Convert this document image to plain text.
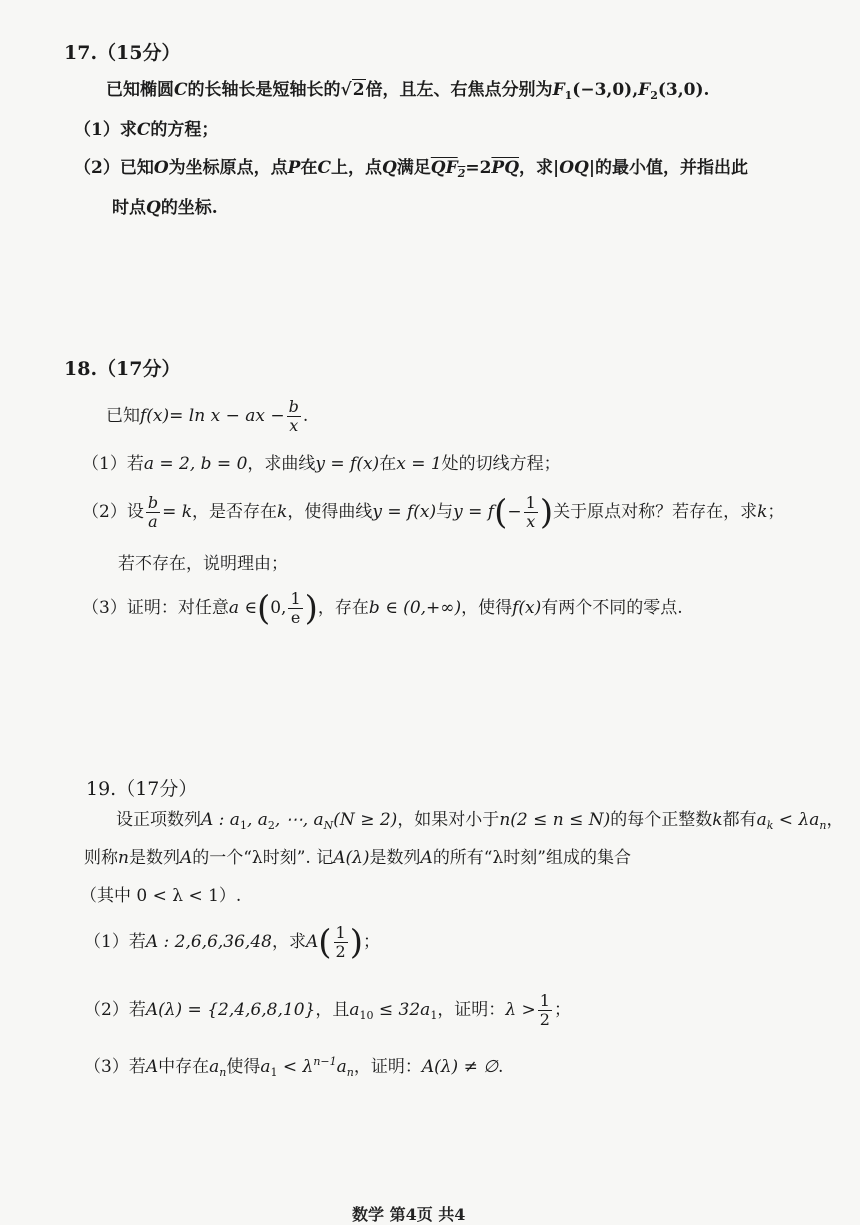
17.（15分）
已知椭圆C的长轴长是短轴长的√2倍，且左、右焦点分别为$F_1(-3,0),F_2(3,0)$.
（1）求C的方程；
（2）已知O为坐标原点，点P在C上，点Q满足$QF_2=2\overline{PQ}$，求|OQ|的最小值，并指出此
时点Q的坐标.
18.（17分）
已知f(x)= ln x − ax − $\frac{b}{x}$ .
（1）若a = 2, b = 0，求曲线y = f(x)在x = 1处的切线方程；
（2）设 $\frac{b}{a} = k$，是否存在k，使得曲线y = f(x)与$y = f(- \frac{1}{x}$ )关于原点对称？若存在，求k；
若不存在，说明理由；
（3）证明：对任意a ∈(0, $\frac{1}{e}$ )，存在b ∈ (0,+∞)，使得f(x)有两个不同的零点.
19.（17分）
设正项数列A : $a_1$, $a_2$, ⋯, $a_N(N \ge 2)$，如果对小于n(2 ≤ n ≤ N)的每个正整数k都有$a_k < \lambda a_n$，
则称n是数列A的一个“λ时刻”. 记A(λ)是数列A的所有“λ时刻”组成的集合
（其中 0 < λ < 1）.
（1）若A : 2,6,6,36,48，求$A( \frac{1}{2}$ )；
（2）若A(λ) = {2,4,6,8,10}，且$a_{10} \le 32a_1$，证明：$\lambda > \frac{1}{2}$ ；
（3）若A中存在$a_n$使得$a_1 < \lambda^{n-1}a_n$，证明：A(λ) ≠ ∅.
数学 第4页 共4
